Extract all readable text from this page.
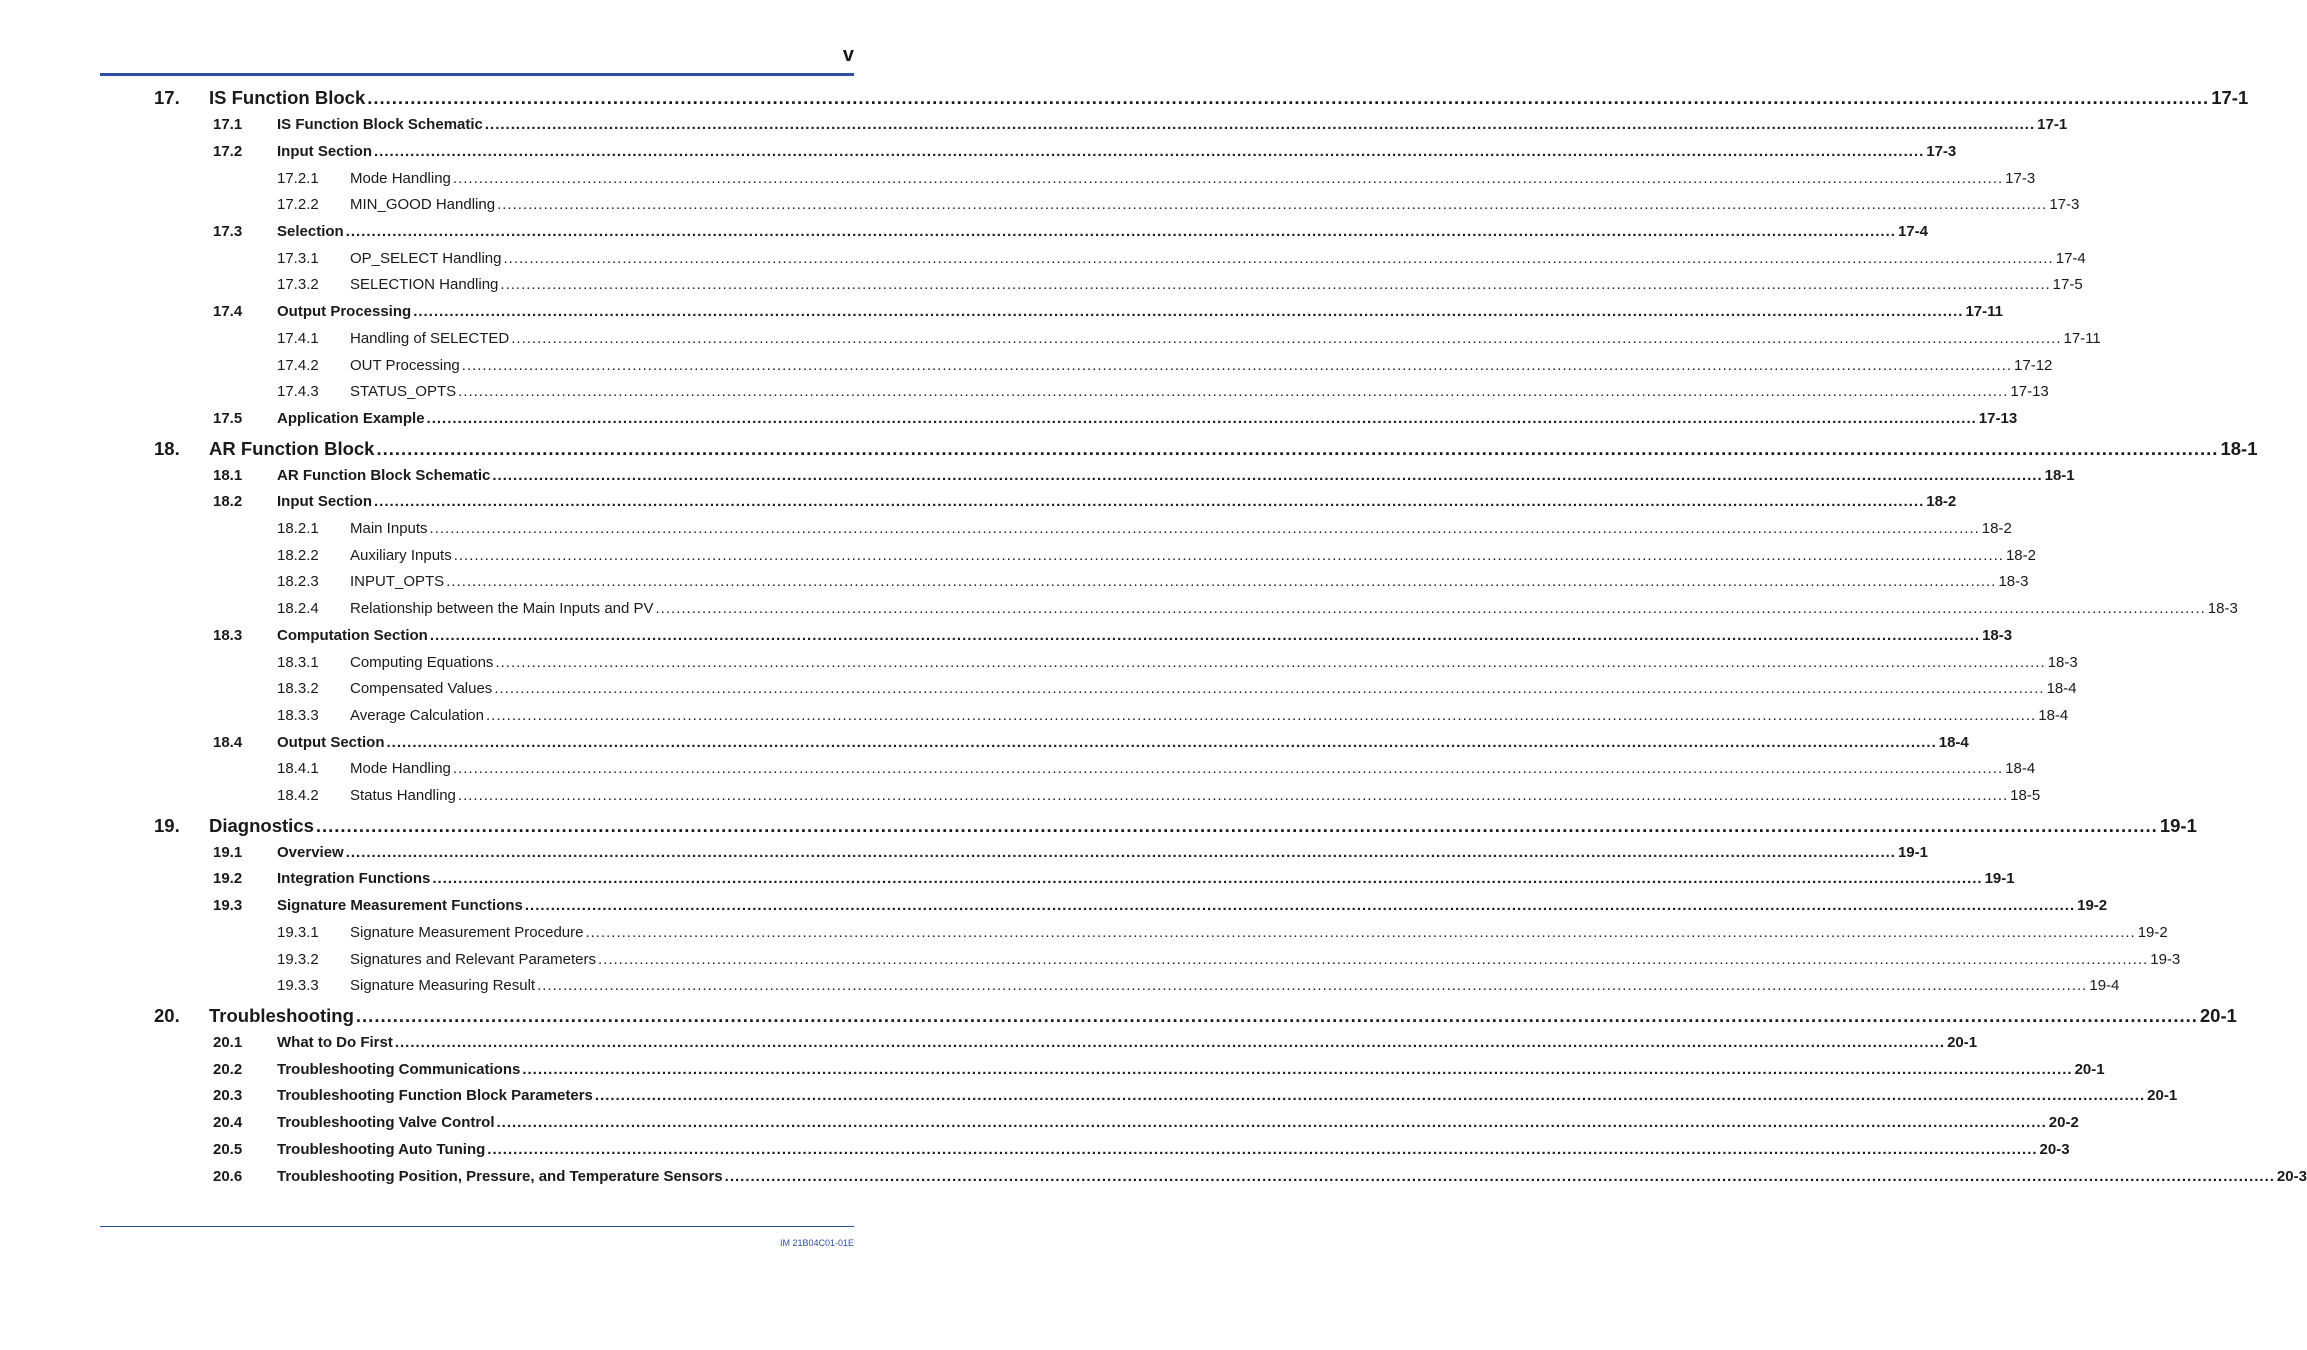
v
17. IS Function Block ............................................................................................................................................................................................................................................................................................................ 17-1
17.1 IS Function Block Schematic ............................................................................................................................................................................................................................................................................................................ 17-1
17.2 Input Section ............................................................................................................................................................................................................................................................................................................ 17-3
17.2.1 Mode Handling ............................................................................................................................................................................................................................................................................................................ 17-3
17.2.2 MIN_GOOD Handling ............................................................................................................................................................................................................................................................................................................ 17-3
17.3 Selection ............................................................................................................................................................................................................................................................................................................ 17-4
17.3.1 OP_SELECT Handling ............................................................................................................................................................................................................................................................................................................ 17-4
17.3.2 SELECTION Handling ............................................................................................................................................................................................................................................................................................................ 17-5
17.4 Output Processing ............................................................................................................................................................................................................................................................................................................ 17-11
17.4.1 Handling of SELECTED ............................................................................................................................................................................................................................................................................................................ 17-11
17.4.2 OUT Processing ............................................................................................................................................................................................................................................................................................................ 17-12
17.4.3 STATUS_OPTS ............................................................................................................................................................................................................................................................................................................ 17-13
17.5 Application Example ............................................................................................................................................................................................................................................................................................................ 17-13
18. AR Function Block ............................................................................................................................................................................................................................................................................................................ 18-1
18.1 AR Function Block Schematic ............................................................................................................................................................................................................................................................................................................ 18-1
18.2 Input Section ............................................................................................................................................................................................................................................................................................................ 18-2
18.2.1 Main Inputs ............................................................................................................................................................................................................................................................................................................ 18-2
18.2.2 Auxiliary Inputs ............................................................................................................................................................................................................................................................................................................ 18-2
18.2.3 INPUT_OPTS ............................................................................................................................................................................................................................................................................................................ 18-3
18.2.4 Relationship between the Main Inputs and PV ............................................................................................................................................................................................................................................................................................................ 18-3
18.3 Computation Section ............................................................................................................................................................................................................................................................................................................ 18-3
18.3.1 Computing Equations ............................................................................................................................................................................................................................................................................................................ 18-3
18.3.2 Compensated Values ............................................................................................................................................................................................................................................................................................................ 18-4
18.3.3 Average Calculation ............................................................................................................................................................................................................................................................................................................ 18-4
18.4 Output Section ............................................................................................................................................................................................................................................................................................................ 18-4
18.4.1 Mode Handling ............................................................................................................................................................................................................................................................................................................ 18-4
18.4.2 Status Handling ............................................................................................................................................................................................................................................................................................................ 18-5
19. Diagnostics ............................................................................................................................................................................................................................................................................................................ 19-1
19.1 Overview ............................................................................................................................................................................................................................................................................................................ 19-1
19.2 Integration Functions ............................................................................................................................................................................................................................................................................................................ 19-1
19.3 Signature Measurement Functions ............................................................................................................................................................................................................................................................................................................ 19-2
19.3.1 Signature Measurement Procedure ............................................................................................................................................................................................................................................................................................................ 19-2
19.3.2 Signatures and Relevant Parameters ............................................................................................................................................................................................................................................................................................................ 19-3
19.3.3 Signature Measuring Result ............................................................................................................................................................................................................................................................................................................ 19-4
20. Troubleshooting ............................................................................................................................................................................................................................................................................................................ 20-1
20.1 What to Do First ............................................................................................................................................................................................................................................................................................................ 20-1
20.2 Troubleshooting Communications ............................................................................................................................................................................................................................................................................................................ 20-1
20.3 Troubleshooting Function Block Parameters ............................................................................................................................................................................................................................................................................................................ 20-1
20.4 Troubleshooting Valve Control ............................................................................................................................................................................................................................................................................................................ 20-2
20.5 Troubleshooting Auto Tuning ............................................................................................................................................................................................................................................................................................................ 20-3
20.6 Troubleshooting Position, Pressure, and Temperature Sensors ............................................................................................................................................................................................................................................................................................................ 20-3
IM 21B04C01-01E
